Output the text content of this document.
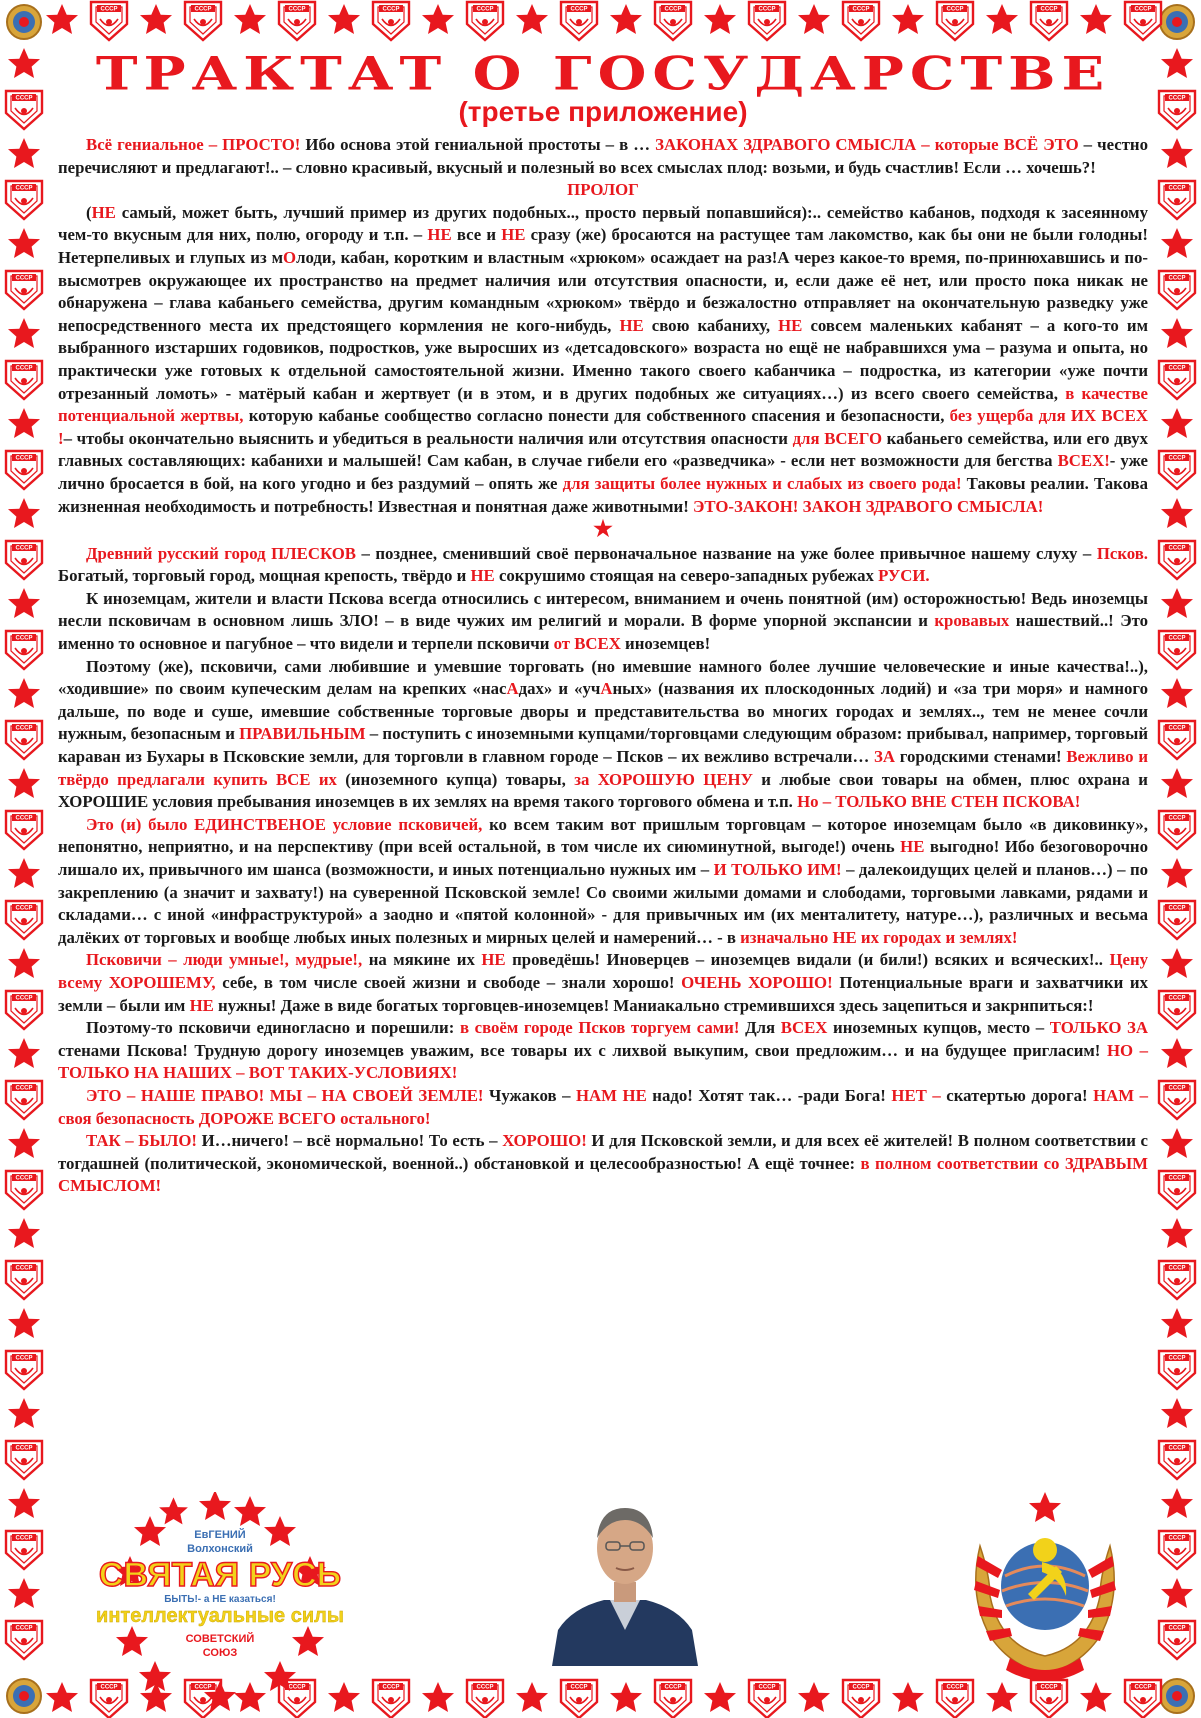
СССР	СССР	СССР	СССР	СССР	СССР	СССР	СССР	СССР	СССР	СССР	СССР
СССР	СССР	СССР	СССР	СССР	СССР	СССР	СССР	СССР	СССР	СССР	СССР
СССР
СССР
СССР
СССР
СССР
СССР
СССР
СССР
СССР
СССР
СССР
СССР
СССР
СССР
СССР
СССР
СССР
СССР
СССР
СССР
СССР
СССР
СССР
СССР
СССР
СССР
СССР
СССР
СССР
СССР
СССР
СССР
СССР
СССР
СССР
СССР
ТРАКТАТ О ГОСУДАРСТВЕ
(третье приложение)

Всё гениальное – ПРОСТО! Ибо основа этой гениальной простоты – в … ЗАКОНАХ ЗДРАВОГО СМЫСЛА – которые ВСЁ ЭТО – честно перечисляют и предлагают!.. – словно красивый, вкусный и полезный во всех смыслах плод: возьми, и будь счастлив! Если … хочешь?!

ПРОЛОГ

(НЕ самый, может быть, лучший пример из других подобных.., просто первый попавшийся):.. семейство кабанов, подходя к засеянному чем-то вкусным для них, полю, огороду и т.п. – НЕ все и НЕ сразу (же) бросаются на растущее там лакомство, как бы они не были голодны! Нетерпеливых и глупых из мОлоди, кабан, коротким и властным «хрюком» осаждает на раз!А через какое-то время, по-принюхавшись и по-высмотрев окружающее их пространство на предмет наличия или отсутствия опасности, и, если даже её нет, или просто пока никак не обнаружена – глава кабаньего семейства, другим командным «хрюком» твёрдо и безжалостно отправляет на окончательную разведку уже непосредственного места их предстоящего кормления не кого-нибудь, НЕ свою кабаниху, НЕ совсем маленьких кабанят – а кого-то им выбранного изстарших годовиков, подростков, уже выросших из «детсадовского» возраста но ещё не набравшихся ума – разума и опыта, но практически уже готовых к отдельной самостоятельной жизни. Именно такого своего кабанчика – подростка, из категории «уже почти отрезанный ломоть» - матёрый кабан и жертвует (и в этом, и в других подобных же ситуациях…) из всего своего семейства, в качестве потенциальной жертвы, которую кабанье сообщество согласно понести для собственного спасения и безопасности, без ущерба для ИХ ВСЕХ !– чтобы окончательно выяснить и убедиться в реальности наличия или отсутствия опасности для ВСЕГО кабаньего семейства, или его двух главных составляющих: кабанихи и малышей! Сам кабан, в случае гибели его «разведчика» - если нет возможности для бегства ВСЕХ!- уже лично бросается в бой, на кого угодно и без раздумий – опять же для защиты более нужных и слабых из своего рода! Таковы реалии. Такова жизненная необходимость и потребность! Известная и понятная даже животными! ЭТО-ЗАКОН! ЗАКОН ЗДРАВОГО СМЫСЛА!

★

Древний русский город ПЛЕСКОВ – позднее, сменивший своё первоначальное название на уже более привычное нашему слуху – Псков. Богатый, торговый город, мощная крепость, твёрдо и НЕ сокрушимо стоящая на северо-западных рубежах РУСИ.

К иноземцам, жители и власти Пскова всегда относились с интересом, вниманием и очень понятной (им) осторожностью! Ведь иноземцы несли псковичам в основном лишь ЗЛО! – в виде чужих им религий и морали. В форме упорной экспансии и кровавых нашествий..! Это именно то основное и пагубное – что видели и терпели псковичи от ВСЕХ иноземцев!

Поэтому (же), псковичи, сами любившие и умевшие торговать (но имевшие намного более лучшие человеческие и иные качества!..), «ходившие» по своим купеческим делам на крепких «насАдах» и «учАных» (названия их плоскодонных лодий) и «за три моря» и намного дальше, по воде и суше, имевшие собственные торговые дворы и представительства во многих городах и землях.., тем не менее сочли нужным, безопасным и ПРАВИЛЬНЫМ – поступить с иноземными купцами/торговцами следующим образом: прибывал, например, торговый караван из Бухары в Псковские земли, для торговли в главном городе – Псков – их вежливо встречали… ЗА городскими стенами! Вежливо и твёрдо предлагали купить ВСЕ их (иноземного купца) товары, за ХОРОШУЮ ЦЕНУ и любые свои товары на обмен, плюс охрана и ХОРОШИЕ условия пребывания иноземцев в их землях на время такого торгового обмена и т.п. Но – ТОЛЬКО ВНЕ СТЕН ПСКОВА!

Это (и) было ЕДИНСТВЕНОЕ условие псковичей, ко всем таким вот пришлым торговцам – которое иноземцам было «в диковинку», непонятно, неприятно, и на перспективу (при всей остальной, в том числе их сиюминутной, выгоде!) очень НЕ выгодно! Ибо безоговорочно лишало их, привычного им шанса (возможности, и иных потенциально нужных им – И ТОЛЬКО ИМ! – далекоидущих целей и планов…) – по закреплению (а значит и захвату!) на суверенной Псковской земле! Со своими жилыми домами и слободами, торговыми лавками, рядами и складами… с иной «инфраструктурой» а заодно и «пятой колонной» - для привычных им (их менталитету, натуре…), различных и весьма далёких от торговых и вообще любых иных полезных и мирных целей и намерений… - в изначально НЕ их городах и землях!

Псковичи – люди умные!, мудрые!, на мякине их НЕ проведёшь! Иноверцев – иноземцев видали (и били!) всяких и всяческих!.. Цену всему ХОРОШЕМУ, себе, в том числе своей жизни и свободе – знали хорошо! ОЧЕНЬ ХОРОШО! Потенциальные враги и захватчики их земли – были им НЕ нужны! Даже в виде богатых торговцев-иноземцев! Маниакально стремившихся здесь зацепиться и закрнпиться:!

Поэтому-то псковичи единогласно и порешили: в своём городе Псков торгуем сами! Для ВСЕХ иноземных купцов, место – ТОЛЬКО ЗА стенами Пскова! Трудную дорогу иноземцев уважим, все товары их с лихвой выкупим, свои предложим… и на будущее пригласим! НО – ТОЛЬКО НА НАШИХ – ВОТ ТАКИХ-УСЛОВИЯХ!

ЭТО – НАШЕ ПРАВО! МЫ – НА СВОЕЙ ЗЕМЛЕ! Чужаков – НАМ НЕ надо! Хотят так… -ради Бога! НЕТ – скатертью дорога! НАМ – своя безопасность ДОРОЖЕ ВСЕГО остального!

ТАК – БЫЛО! И…ничего! – всё нормально! То есть – ХОРОШО! И для Псковской земли, и для всех её жителей! В полном соответствии с тогдашней (политической, экономической, военной..) обстановкой и целесообразностью! А ещё точнее: в полном соответствии со ЗДРАВЫМ СМЫСЛОМ!

ЕвГЕНИЙ
Волхонский
СВЯТАЯ РУСЬ
БЫТЬ!- а НЕ казаться!
интеллектуальные силы
СОВЕТСКИЙ
СОЮЗ
